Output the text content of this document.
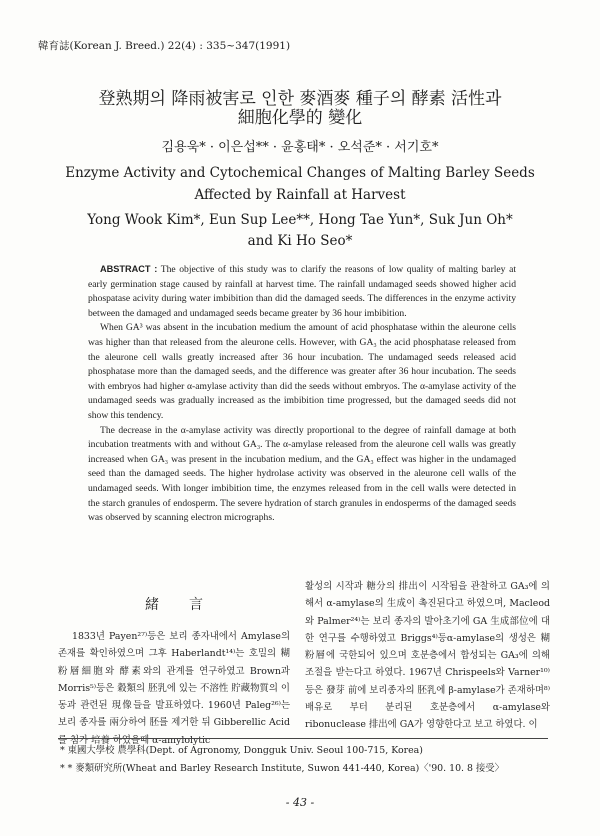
韓育誌(Korean J. Breed.) 22(4) : 335~347(1991)
登熟期의 降雨被害로 인한 麥酒麥 種子의 酵素 活性과
細胞化學的 變化
김용욱* · 이은섭** · 윤홍태* · 오석준* · 서기호*
Enzyme Activity and Cytochemical Changes of Malting Barley Seeds
Affected by Rainfall at Harvest
Yong Wook Kim*, Eun Sup Lee**, Hong Tae Yun*, Suk Jun Oh*
and Ki Ho Seo*

ABSTRACT : The objective of this study was to clarify the reasons of low quality of malting barley at early germination stage caused by rainfall at harvest time. The rainfall undamaged seeds showed higher acid phospatase acivity during water imbibition than did the damaged seeds. The differences in the enzyme activity between the damaged and undamaged seeds became greater by 36 hour imbibition.

When GA³ was absent in the incubation medium the amount of acid phosphatase within the aleurone cells was higher than that released from the aleurone cells. However, with GA₃ the acid phosphatase released from the aleurone cell walls greatly increased after 36 hour incubation. The undamaged seeds released acid phosphatase more than the damaged seeds, and the difference was greater after 36 hour incubation. The seeds with embryos had higher α-amylase activity than did the seeds without embryos. The α-amylase activity of the undamaged seeds was gradually increased as the imbibition time progressed, but the damaged seeds did not show this tendency.

The decrease in the α-amylase activity was directly proportional to the degree of rainfall damage at both incubation treatments with and without GA₃. The α-amylase released from the aleurone cell walls was greatly increased when GA₃ was present in the incubation medium, and the GA₃ effect was higher in the undamaged seed than the damaged seeds. The higher hydrolase activity was observed in the aleurone cell walls of the undamaged seeds. With longer imbibition time, the enzymes released from in the cell walls were detected in the starch granules of endosperm. The severe hydration of starch granules in endosperms of the damaged seeds was observed by scanning electron micrographs.

緒言

1833년 Payen²⁷⁾등은 보리 종자내에서 Amylase의 존재를 확인하였으며 그후 Haberlandt¹⁴⁾는 호밀의 糊粉層細胞와 酵素와의 관계를 연구하였고 Brown과 Morris⁵⁾등은 穀類의 胚乳에 있는 不溶性 貯藏物質의 이동과 관련된 現像들을 발표하였다. 1960년 Paleg²⁶⁾는 보리 종자를 兩分하여 胚를 제거한 뒤 Gibberellic Acid를 첨가 培養 하였을때 α-amylolytic

활성의 시작과 糖分의 排出이 시작됨을 관찰하고 GA₃에 의해서 α-amylase의 生成이 촉진된다고 하였으며, Macleod와 Palmer²⁴⁾는 보리 종자의 발아초기에 GA 生成部位에 대한 연구를 수행하였고 Briggs⁴⁾등α-amylase의 생성은 糊粉層에 국한되어 있으며 호분층에서 합성되는 GA₃에 의해 조절을 받는다고 하였다. 1967년 Chrispeels와 Varner¹⁰⁾등은 發芽 前에 보리종자의 胚乳에 β-amylase가 존재하며⁸⁾ 배유로 부터 분리된 호분층에서 α-amylase와 ribonuclease 排出에 GA가 영향한다고 보고 하였다. 이

* 東國大學校 農學科(Dept. of Agronomy, Dongguk Univ. Seoul 100-715, Korea)
* * 麥類研究所(Wheat and Barley Research Institute, Suwon 441-440, Korea)〈'90. 10. 8 接受〉
- 43 -
